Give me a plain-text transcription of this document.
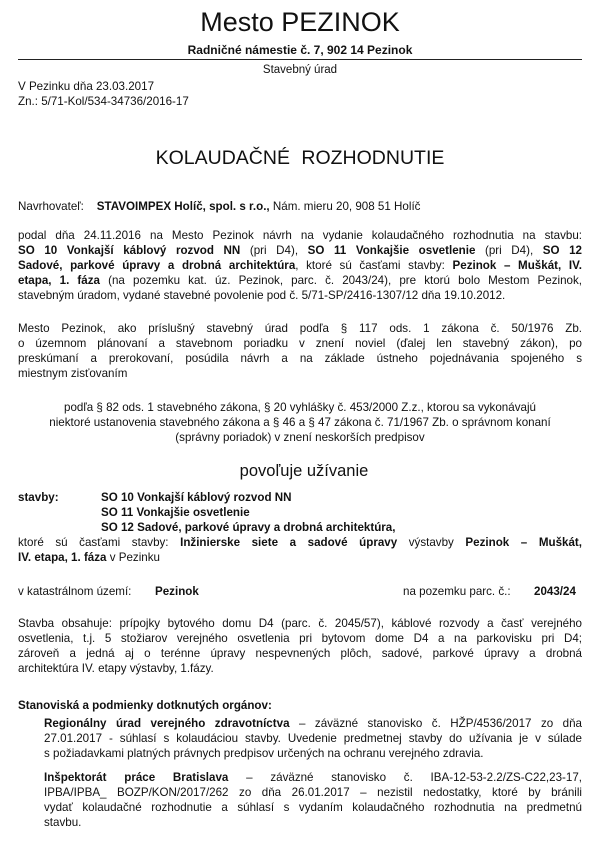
Mesto PEZINOK
Radničné námestie č. 7, 902 14 Pezinok
Stavebný úrad
V Pezinku dňa 23.03.2017
Zn.: 5/71-Kol/534-34736/2016-17
KOLAUDAČNÉ ROZHODNUTIE
Navrhovateľ: STAVOIMPEX Holíč, spol. s r.o., Nám. mieru 20, 908 51 Holíč
podal dňa 24.11.2016 na Mesto Pezinok návrh na vydanie kolaudačného rozhodnutia na stavbu:
SO 10 Vonkajší káblový rozvod NN (pri D4), SO 11 Vonkajšie osvetlenie (pri D4), SO 12
Sadové, parkové úpravy a drobná architektúra, ktoré sú časťami stavby: Pezinok – Muškát, IV.
etapa, 1. fáza (na pozemku kat. úz. Pezinok, parc. č. 2043/24), pre ktorú bolo Mestom Pezinok,
stavebným úradom, vydané stavebné povolenie pod č. 5/71-SP/2416-1307/12 dňa 19.10.2012.
Mesto Pezinok, ako príslušný stavebný úrad podľa § 117 ods. 1 zákona č. 50/1976 Zb.
o územnom plánovaní a stavebnom poriadku v znení noviel (ďalej len stavebný zákon), po
preskúmaní a prerokovaní, posúdila návrh a na základe ústneho pojednávania spojeného s
miestnym zisťovaním
podľa § 82 ods. 1 stavebného zákona, § 20 vyhlášky č. 453/2000 Z.z., ktorou sa vykonávajú
niektoré ustanovenia stavebného zákona a § 46 a § 47 zákona č. 71/1967 Zb. o správnom konaní
(správny poriadok) v znení neskorších predpisov
povoľuje užívanie
stavby:	SO 10 Vonkajší káblový rozvod NN
SO 11 Vonkajšie osvetlenie
SO 12 Sadové, parkové úpravy a drobná architektúra,
ktoré sú časťami stavby: Inžinierske siete a sadové úpravy výstavby Pezinok – Muškát,
IV. etapa, 1. fáza v Pezinku
v katastrálnom území: Pezinok	na pozemku parc. č.: 2043/24
Stavba obsahuje: prípojky bytového domu D4 (parc. č. 2045/57), káblové rozvody a časť verejného
osvetlenia, t.j. 5 stožiarov verejného osvetlenia pri bytovom dome D4 a na parkovisku pri D4;
zároveň a jedná aj o terénne úpravy nespevnených plôch, sadové, parkové úpravy a drobná
architektúra IV. etapy výstavby, 1.fázy.
Stanoviská a podmienky dotknutých orgánov:
Regionálny úrad verejného zdravotníctva – záväzné stanovisko č. HŽP/4536/2017 zo dňa
27.01.2017 - súhlasí s kolaudáciou stavby. Uvedenie predmetnej stavby do užívania je v súlade
s požiadavkami platných právnych predpisov určených na ochranu verejného zdravia.
Inšpektorát práce Bratislava – záväzné stanovisko č. IBA-12-53-2.2/ZS-C22,23-17,
IPBA/IPBA_ BOZP/KON/2017/262 zo dňa 26.01.2017 – nezistil nedostatky, ktoré by bránili
vydať kolaudačné rozhodnutie a súhlasí s vydaním kolaudačného rozhodnutia na predmetnú
stavbu.
